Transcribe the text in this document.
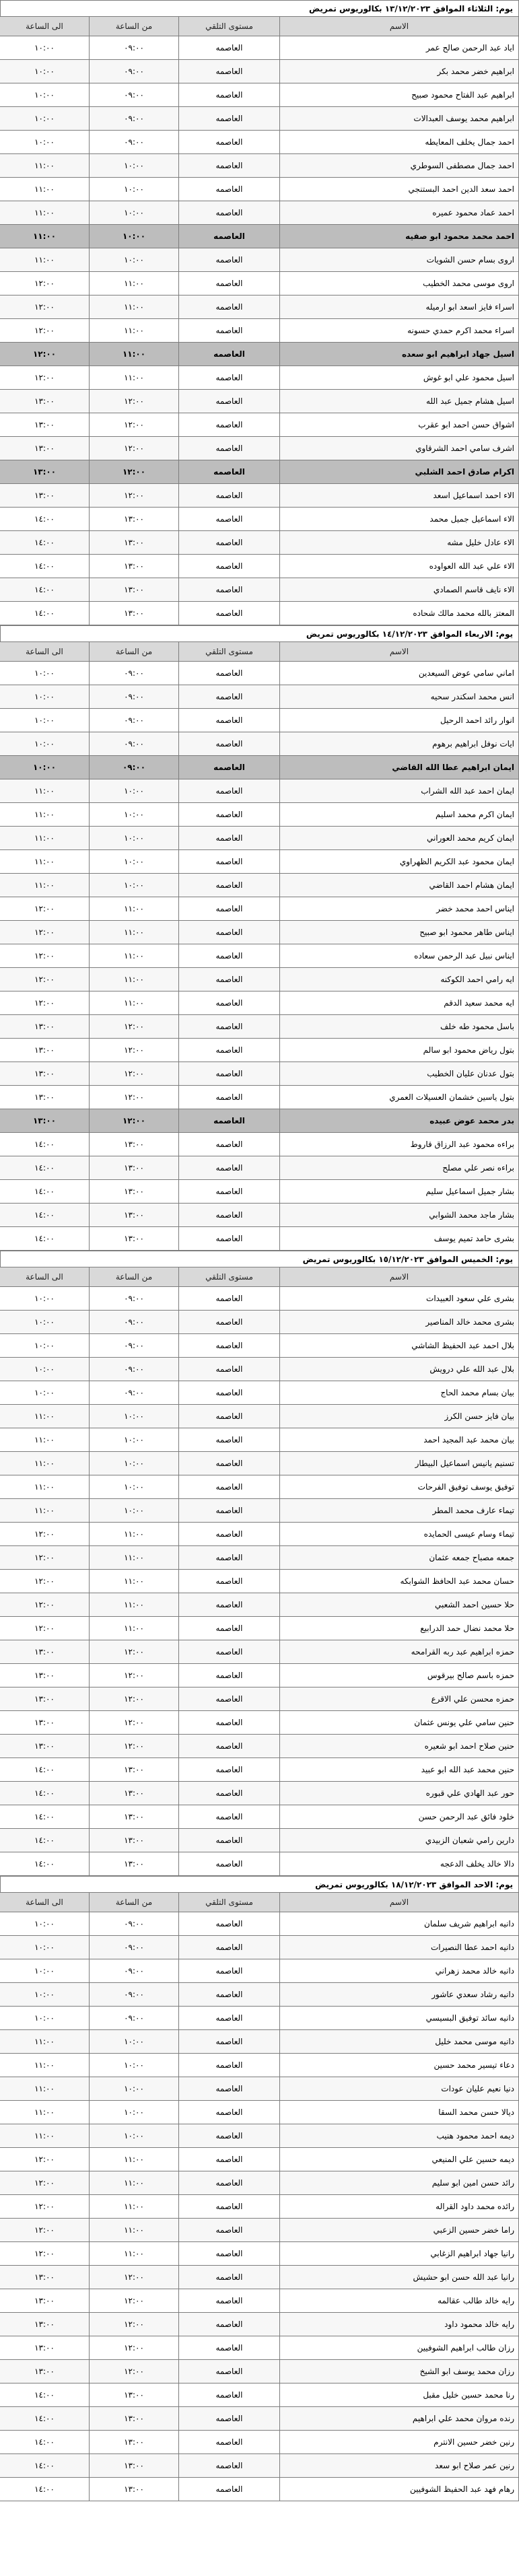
يوم: الثلاثاء الموافق ١٣/١٢/٢٠٢٣ بكالوريوس تمريض
الاسم	مستوى التلقي	من الساعة	الى الساعة
اياد عبد الرحمن صالح عمر	العاصمه	٠٩:٠٠	١٠:٠٠
ابراهيم خضر محمد بكر	العاصمه	٠٩:٠٠	١٠:٠٠
ابراهيم عبد الفتاح محمود صبيح	العاصمه	٠٩:٠٠	١٠:٠٠
ابراهيم محمد يوسف العبدالات	العاصمه	٠٩:٠٠	١٠:٠٠
احمد جمال يخلف المعايطه	العاصمه	٠٩:٠٠	١٠:٠٠
احمد جمال مصطفى السوطري	العاصمه	١٠:٠٠	١١:٠٠
احمد سعد الدين احمد البستنجي	العاصمه	١٠:٠٠	١١:٠٠
احمد عماد محمود عميره	العاصمه	١٠:٠٠	١١:٠٠
احمد محمد محمود ابو صفيه	العاصمه	١٠:٠٠	١١:٠٠
اروى بسام حسن الشويات	العاصمه	١٠:٠٠	١١:٠٠
اروى موسى محمد الخطيب	العاصمه	١١:٠٠	١٢:٠٠
اسراء فايز اسعد ابو ارميله	العاصمه	١١:٠٠	١٢:٠٠
اسراء محمد اكرم حمدي حسونه	العاصمه	١١:٠٠	١٢:٠٠
اسيل جهاد ابراهيم ابو سعده	العاصمه	١١:٠٠	١٢:٠٠
اسيل محمود علي ابو غوش	العاصمه	١١:٠٠	١٢:٠٠
اسيل هشام جميل عبد الله	العاصمه	١٢:٠٠	١٣:٠٠
اشواق حسن احمد ابو عقرب	العاصمه	١٢:٠٠	١٣:٠٠
اشرف سامي احمد الشرقاوي	العاصمه	١٢:٠٠	١٣:٠٠
اكرام صادق احمد الشلبي	العاصمه	١٢:٠٠	١٣:٠٠
الاء احمد اسماعيل اسعد	العاصمه	١٢:٠٠	١٣:٠٠
الاء اسماعيل جميل محمد	العاصمه	١٣:٠٠	١٤:٠٠
الاء عادل خليل مشه	العاصمه	١٣:٠٠	١٤:٠٠
الاء علي عبد الله العواوده	العاصمه	١٣:٠٠	١٤:٠٠
الاء نايف قاسم الصمادي	العاصمه	١٣:٠٠	١٤:٠٠
المعتز بالله محمد مالك شحاده	العاصمه	١٣:٠٠	١٤:٠٠
يوم: الاربعاء الموافق ١٤/١٢/٢٠٢٣ بكالوريوس تمريض
الاسم	مستوى التلقي	من الساعة	الى الساعة
اماني سامي عوض السيعدين	العاصمه	٠٩:٠٠	١٠:٠٠
انس محمد اسكندر سحيه	العاصمه	٠٩:٠٠	١٠:٠٠
انوار رائد احمد الرحيل	العاصمه	٠٩:٠٠	١٠:٠٠
ايات نوفل ابراهيم برهوم	العاصمه	٠٩:٠٠	١٠:٠٠
ايمان ابراهيم عطا الله القاضي	العاصمه	٠٩:٠٠	١٠:٠٠
ايمان احمد عبد الله الشراب	العاصمه	١٠:٠٠	١١:٠٠
ايمان اكرم محمد اسليم	العاصمه	١٠:٠٠	١١:٠٠
ايمان كريم محمد العوراني	العاصمه	١٠:٠٠	١١:٠٠
ايمان محمود عبد الكريم الظهراوي	العاصمه	١٠:٠٠	١١:٠٠
ايمان هشام احمد القاضي	العاصمه	١٠:٠٠	١١:٠٠
ايناس احمد محمد خضر	العاصمه	١١:٠٠	١٢:٠٠
ايناس طاهر محمود ابو صبيح	العاصمه	١١:٠٠	١٢:٠٠
ايناس نبيل عبد الرحمن سعاده	العاصمه	١١:٠٠	١٢:٠٠
ايه رامي احمد الكوكنه	العاصمه	١١:٠٠	١٢:٠٠
ايه محمد سعيد الدقم	العاصمه	١١:٠٠	١٢:٠٠
باسل محمود طه خلف	العاصمه	١٢:٠٠	١٣:٠٠
بتول رياض محمود ابو سالم	العاصمه	١٢:٠٠	١٣:٠٠
بتول عدنان عليان الخطيب	العاصمه	١٢:٠٠	١٣:٠٠
بتول ياسين خشمان العسيلات العمري	العاصمه	١٢:٠٠	١٣:٠٠
بدر محمد عوض عبيده	العاصمه	١٢:٠٠	١٣:٠٠
براءه محمود عبد الرزاق قاروط	العاصمه	١٣:٠٠	١٤:٠٠
براءه نصر علي مصلح	العاصمه	١٣:٠٠	١٤:٠٠
بشار جميل اسماعيل سليم	العاصمه	١٣:٠٠	١٤:٠٠
بشار ماجد محمد الشوابي	العاصمه	١٣:٠٠	١٤:٠٠
بشرى حامد تميم يوسف	العاصمه	١٣:٠٠	١٤:٠٠
يوم: الخميس الموافق ١٥/١٢/٢٠٢٣ بكالوريوس تمريض
الاسم	مستوى التلقي	من الساعة	الى الساعة
بشرى علي سعود العبيدات	العاصمه	٠٩:٠٠	١٠:٠٠
بشرى محمد خالد المناصير	العاصمه	٠٩:٠٠	١٠:٠٠
بلال احمد عبد الحفيظ الشاشي	العاصمه	٠٩:٠٠	١٠:٠٠
بلال عبد الله علي درويش	العاصمه	٠٩:٠٠	١٠:٠٠
بيان بسام محمد الحاج	العاصمه	٠٩:٠٠	١٠:٠٠
بيان فايز حسن الكرز	العاصمه	١٠:٠٠	١١:٠٠
بيان محمد عبد المجيد احمد	العاصمه	١٠:٠٠	١١:٠٠
تسنيم يانيس اسماعيل البيطار	العاصمه	١٠:٠٠	١١:٠٠
توفيق يوسف توفيق الفرحات	العاصمه	١٠:٠٠	١١:٠٠
تيماء عارف محمد المطر	العاصمه	١٠:٠٠	١١:٠٠
تيماء وسام عيسى الحمايده	العاصمه	١١:٠٠	١٢:٠٠
جمعه مصباح جمعه عثمان	العاصمه	١١:٠٠	١٢:٠٠
حسان محمد عبد الحافظ الشوابكه	العاصمه	١١:٠٠	١٢:٠٠
حلا حسين احمد الشعبي	العاصمه	١١:٠٠	١٢:٠٠
حلا محمد نضال حمد الدرابيع	العاصمه	١١:٠٠	١٢:٠٠
حمزه ابراهيم عبد ربه القرامحه	العاصمه	١٢:٠٠	١٣:٠٠
حمزه باسم صالح بيرقوس	العاصمه	١٢:٠٠	١٣:٠٠
حمزه محسن علي الاقرع	العاصمه	١٢:٠٠	١٣:٠٠
حنين سامي علي يونس عثمان	العاصمه	١٢:٠٠	١٣:٠٠
حنين صلاح احمد ابو شعيره	العاصمه	١٢:٠٠	١٣:٠٠
حنين محمد عبد الله ابو عبيد	العاصمه	١٣:٠٠	١٤:٠٠
حور عبد الهادي علي قبوره	العاصمه	١٣:٠٠	١٤:٠٠
خلود فائق عبد الرحمن حسن	العاصمه	١٣:٠٠	١٤:٠٠
دارين رامي شعبان الزبيدي	العاصمه	١٣:٠٠	١٤:٠٠
دالا خالد يخلف الدعجه	العاصمه	١٣:٠٠	١٤:٠٠
يوم: الاحد الموافق ١٨/١٢/٢٠٢٣ بكالوريوس تمريض
الاسم	مستوى التلقي	من الساعة	الى الساعة
دانيه ابراهيم شريف سلمان	العاصمه	٠٩:٠٠	١٠:٠٠
دانيه احمد عطا النصيرات	العاصمه	٠٩:٠٠	١٠:٠٠
دانيه خالد محمد زهراني	العاصمه	٠٩:٠٠	١٠:٠٠
دانيه رشاد سعدي عاشور	العاصمه	٠٩:٠٠	١٠:٠٠
دانيه سائد توفيق البسيسي	العاصمه	٠٩:٠٠	١٠:٠٠
دانيه موسى محمد خليل	العاصمه	١٠:٠٠	١١:٠٠
دعاء تيسير محمد حسين	العاصمه	١٠:٠٠	١١:٠٠
دنيا نعيم عليان عودات	العاصمه	١٠:٠٠	١١:٠٠
ديالا حسن محمد السقا	العاصمه	١٠:٠٠	١١:٠٠
ديمه احمد محمود هنيب	العاصمه	١٠:٠٠	١١:٠٠
ديمه حسين علي المنيعي	العاصمه	١١:٠٠	١٢:٠٠
رائد حسن امين ابو سليم	العاصمه	١١:٠٠	١٢:٠٠
رائده محمد داود القراله	العاصمه	١١:٠٠	١٢:٠٠
راما خضر حسين الزعبي	العاصمه	١١:٠٠	١٢:٠٠
رانيا جهاد ابراهيم الزغابي	العاصمه	١١:٠٠	١٢:٠٠
رانيا عبد الله حسن ابو حشيش	العاصمه	١٢:٠٠	١٣:٠٠
رايه خالد طالب عقالمه	العاصمه	١٢:٠٠	١٣:٠٠
رايه خالد محمود داود	العاصمه	١٢:٠٠	١٣:٠٠
رزان طالب ابراهيم الشوفيين	العاصمه	١٢:٠٠	١٣:٠٠
رزان محمد يوسف ابو الشيخ	العاصمه	١٢:٠٠	١٣:٠٠
رنا محمد حسين خليل مقبل	العاصمه	١٣:٠٠	١٤:٠٠
رنده مروان محمد علي ابراهيم	العاصمه	١٣:٠٠	١٤:٠٠
رنين خضر حسين الانترم	العاصمه	١٣:٠٠	١٤:٠٠
رنين عمر صلاح ابو سعد	العاصمه	١٣:٠٠	١٤:٠٠
رهام فهد عبد الحفيظ الشوفيين	العاصمه	١٣:٠٠	١٤:٠٠
